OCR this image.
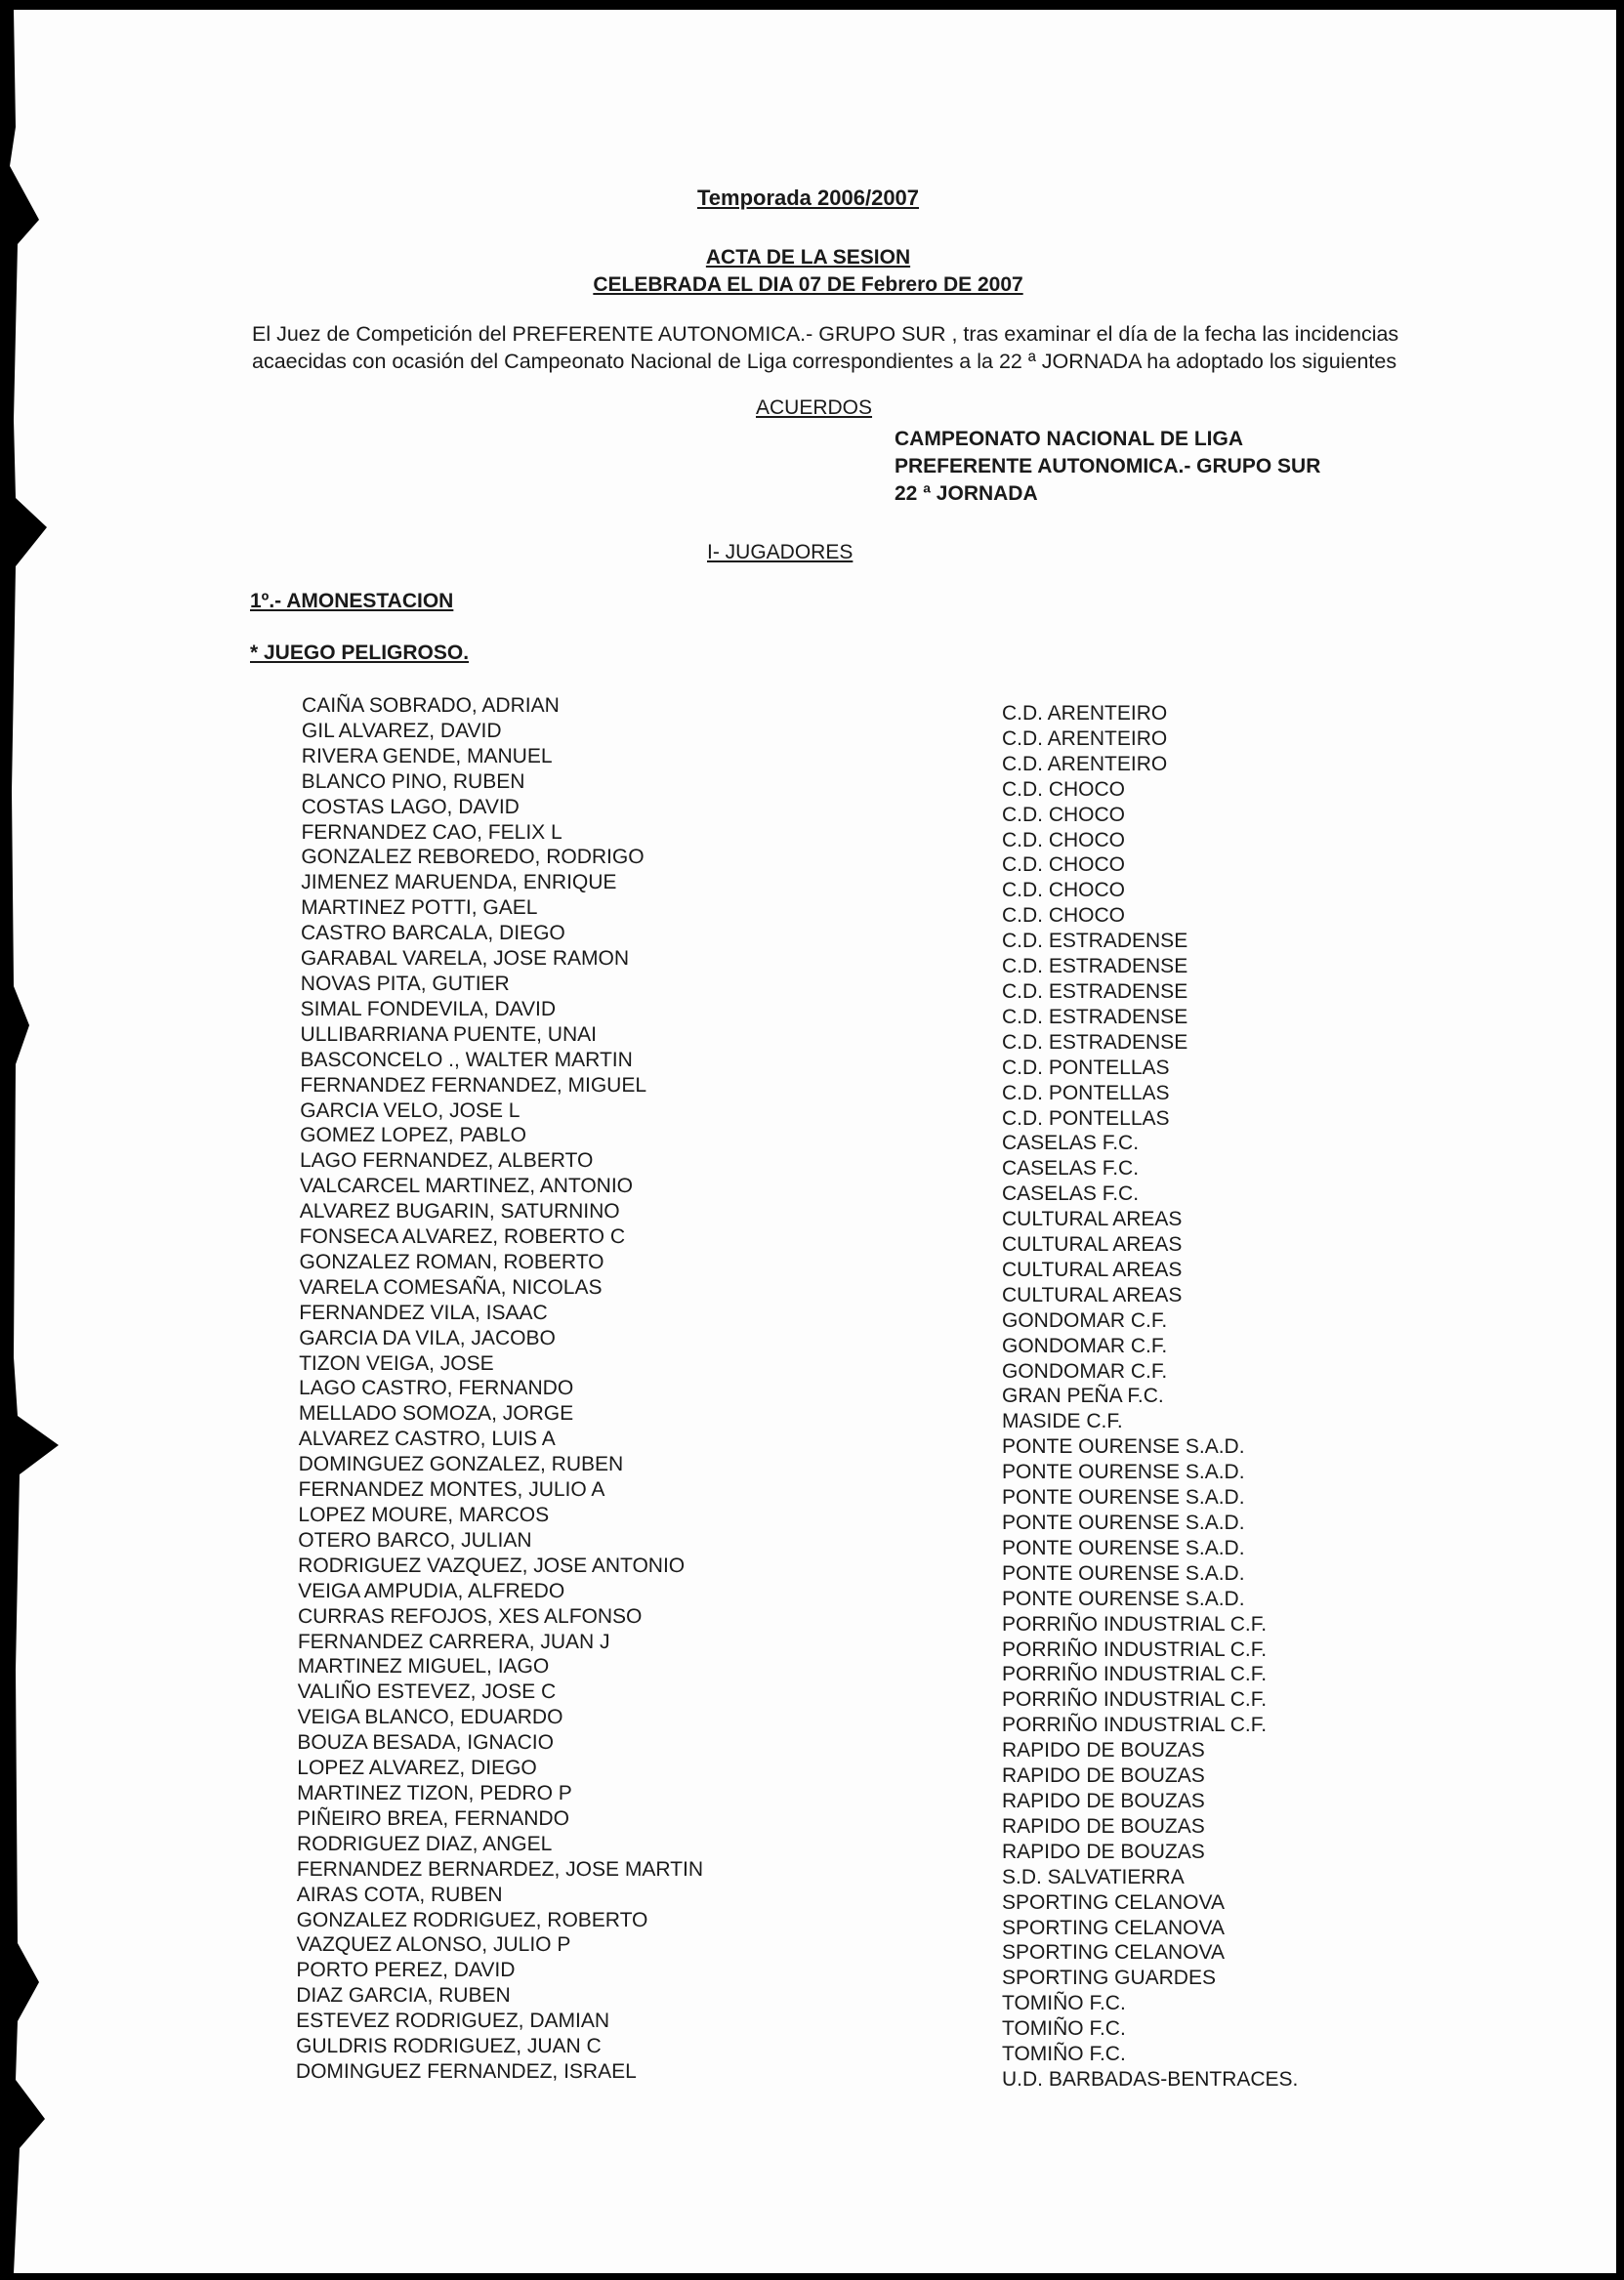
Temporada 2006/2007
ACTA DE LA SESION
CELEBRADA EL DIA 07 DE Febrero DE 2007
El Juez de Competición del PREFERENTE AUTONOMICA.- GRUPO SUR , tras examinar el día de la fecha las incidencias
acaecidas con ocasión del Campeonato Nacional de Liga correspondientes a la 22 ª JORNADA ha adoptado los siguientes
ACUERDOS
CAMPEONATO NACIONAL DE LIGA
PREFERENTE AUTONOMICA.- GRUPO SUR
22 ª JORNADA
I- JUGADORES
1º.- AMONESTACION
* JUEGO PELIGROSO.
CAIÑA SOBRADO, ADRIAN
GIL ALVAREZ, DAVID
RIVERA GENDE, MANUEL
BLANCO PINO, RUBEN
COSTAS LAGO, DAVID
FERNANDEZ CAO, FELIX L
GONZALEZ REBOREDO, RODRIGO
JIMENEZ MARUENDA, ENRIQUE
MARTINEZ POTTI, GAEL
CASTRO BARCALA, DIEGO
GARABAL VARELA, JOSE RAMON
NOVAS PITA, GUTIER
SIMAL FONDEVILA, DAVID
ULLIBARRIANA PUENTE, UNAI
BASCONCELO ., WALTER MARTIN
FERNANDEZ FERNANDEZ, MIGUEL
GARCIA VELO, JOSE L
GOMEZ LOPEZ, PABLO
LAGO FERNANDEZ, ALBERTO
VALCARCEL MARTINEZ, ANTONIO
ALVAREZ BUGARIN, SATURNINO
FONSECA ALVAREZ, ROBERTO C
GONZALEZ ROMAN, ROBERTO
VARELA COMESAÑA, NICOLAS
FERNANDEZ VILA, ISAAC
GARCIA DA VILA, JACOBO
TIZON VEIGA, JOSE
LAGO CASTRO, FERNANDO
MELLADO SOMOZA, JORGE
ALVAREZ CASTRO, LUIS A
DOMINGUEZ GONZALEZ, RUBEN
FERNANDEZ MONTES, JULIO A
LOPEZ MOURE, MARCOS
OTERO BARCO, JULIAN
RODRIGUEZ VAZQUEZ, JOSE ANTONIO
VEIGA AMPUDIA, ALFREDO
CURRAS REFOJOS, XES ALFONSO
FERNANDEZ CARRERA, JUAN J
MARTINEZ MIGUEL, IAGO
VALIÑO ESTEVEZ, JOSE C
VEIGA BLANCO, EDUARDO
BOUZA BESADA, IGNACIO
LOPEZ ALVAREZ, DIEGO
MARTINEZ TIZON, PEDRO P
PIÑEIRO BREA, FERNANDO
RODRIGUEZ DIAZ, ANGEL
FERNANDEZ BERNARDEZ, JOSE MARTIN
AIRAS COTA, RUBEN
GONZALEZ RODRIGUEZ, ROBERTO
VAZQUEZ ALONSO, JULIO P
PORTO PEREZ, DAVID
DIAZ GARCIA, RUBEN
ESTEVEZ RODRIGUEZ, DAMIAN
GULDRIS RODRIGUEZ, JUAN C
DOMINGUEZ FERNANDEZ, ISRAEL
C.D. ARENTEIRO
C.D. ARENTEIRO
C.D. ARENTEIRO
C.D. CHOCO
C.D. CHOCO
C.D. CHOCO
C.D. CHOCO
C.D. CHOCO
C.D. CHOCO
C.D. ESTRADENSE
C.D. ESTRADENSE
C.D. ESTRADENSE
C.D. ESTRADENSE
C.D. ESTRADENSE
C.D. PONTELLAS
C.D. PONTELLAS
C.D. PONTELLAS
CASELAS F.C.
CASELAS F.C.
CASELAS F.C.
CULTURAL AREAS
CULTURAL AREAS
CULTURAL AREAS
CULTURAL AREAS
GONDOMAR C.F.
GONDOMAR C.F.
GONDOMAR C.F.
GRAN PEÑA F.C.
MASIDE C.F.
PONTE OURENSE S.A.D.
PONTE OURENSE S.A.D.
PONTE OURENSE S.A.D.
PONTE OURENSE S.A.D.
PONTE OURENSE S.A.D.
PONTE OURENSE S.A.D.
PONTE OURENSE S.A.D.
PORRIÑO INDUSTRIAL C.F.
PORRIÑO INDUSTRIAL C.F.
PORRIÑO INDUSTRIAL C.F.
PORRIÑO INDUSTRIAL C.F.
PORRIÑO INDUSTRIAL C.F.
RAPIDO DE BOUZAS
RAPIDO DE BOUZAS
RAPIDO DE BOUZAS
RAPIDO DE BOUZAS
RAPIDO DE BOUZAS
S.D. SALVATIERRA
SPORTING CELANOVA
SPORTING CELANOVA
SPORTING CELANOVA
SPORTING GUARDES
TOMIÑO F.C.
TOMIÑO F.C.
TOMIÑO F.C.
U.D. BARBADAS-BENTRACES.
